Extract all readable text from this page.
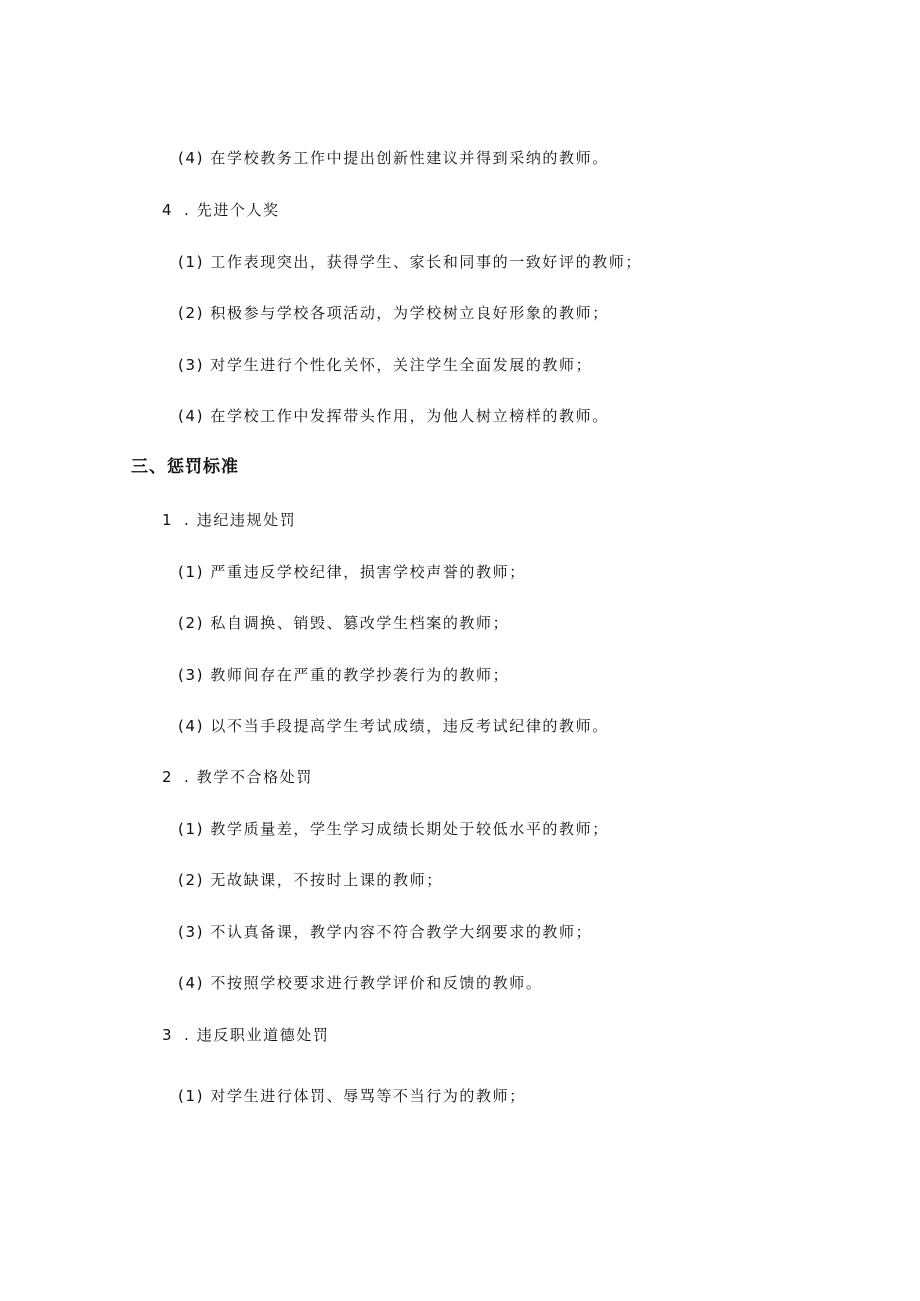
(4) 在学校教务工作中提出创新性建议并得到采纳的教师。
4 . 先进个人奖
(1) 工作表现突出，获得学生、家长和同事的一致好评的教师；
(2) 积极参与学校各项活动，为学校树立良好形象的教师；
(3) 对学生进行个性化关怀，关注学生全面发展的教师；
(4) 在学校工作中发挥带头作用，为他人树立榜样的教师。
三、惩罚标准
1 . 违纪违规处罚
(1) 严重违反学校纪律，损害学校声誉的教师；
(2) 私自调换、销毁、篡改学生档案的教师；
(3) 教师间存在严重的教学抄袭行为的教师；
(4) 以不当手段提高学生考试成绩，违反考试纪律的教师。
2 . 教学不合格处罚
(1) 教学质量差，学生学习成绩长期处于较低水平的教师；
(2) 无故缺课，不按时上课的教师；
(3) 不认真备课，教学内容不符合教学大纲要求的教师；
(4) 不按照学校要求进行教学评价和反馈的教师。
3 . 违反职业道德处罚
(1) 对学生进行体罚、辱骂等不当行为的教师；
